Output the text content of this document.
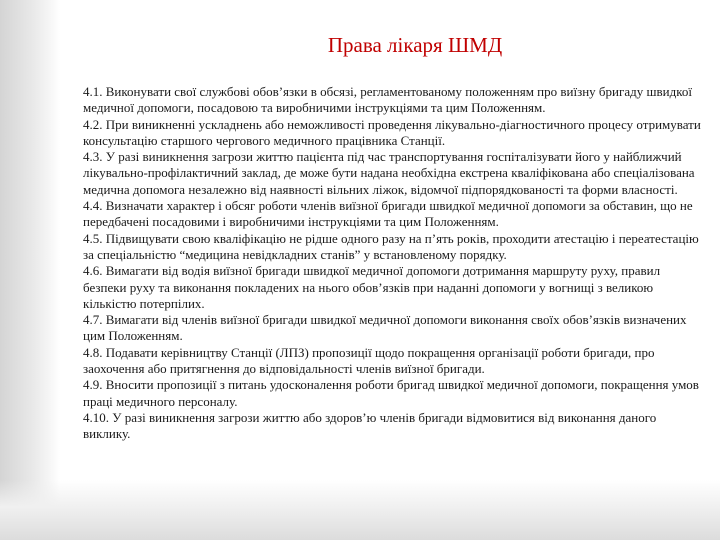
Права лікаря ШМД

4.1. Виконувати свої службові обов’язки в обсязі, регламентованому положенням про виїзну бригаду швидкої медичної допомоги, посадовою та виробничими інструкціями та цим Положенням.

4.2. При виникненні ускладнень або неможливості проведення лікувально-діагностичного процесу отримувати консультацію старшого чергового медичного працівника Станції.

4.3. У разі виникнення загрози життю пацієнта під час транспортування госпіталізувати його у найближчий лікувально-профілактичний заклад, де може бути надана необхідна екстрена кваліфікована або спеціалізована медична допомога незалежно від наявності вільних ліжок, відомчої підпорядкованості та форми власності.

4.4. Визначати характер і обсяг роботи членів виїзної бригади швидкої медичної допомоги за обставин, що не передбачені посадовими і виробничими інструкціями та цим Положенням.

4.5. Підвищувати свою кваліфікацію не рідше одного разу на п’ять років, проходити атестацію і переатестацію за спеціальністю “медицина невідкладних станів” у встановленому порядку.

4.6. Вимагати від водія виїзної бригади швидкої медичної допомоги дотримання маршруту руху, правил безпеки руху та виконання покладених на нього обов’язків при наданні допомоги у вогнищі з великою кількістю потерпілих.

4.7. Вимагати від членів виїзної бригади швидкої медичної допомоги виконання своїх обов’язків визначених цим Положенням.

4.8. Подавати керівництву Станції (ЛПЗ) пропозиції щодо покращення організації роботи бригади, про заохочення або притягнення до відповідальності членів виїзної бригади.

4.9. Вносити пропозиції з питань удосконалення роботи бригад швидкої медичної допомоги, покращення умов праці медичного персоналу.

4.10. У разі виникнення загрози життю або здоров’ю членів бригади відмовитися від виконання даного виклику.
